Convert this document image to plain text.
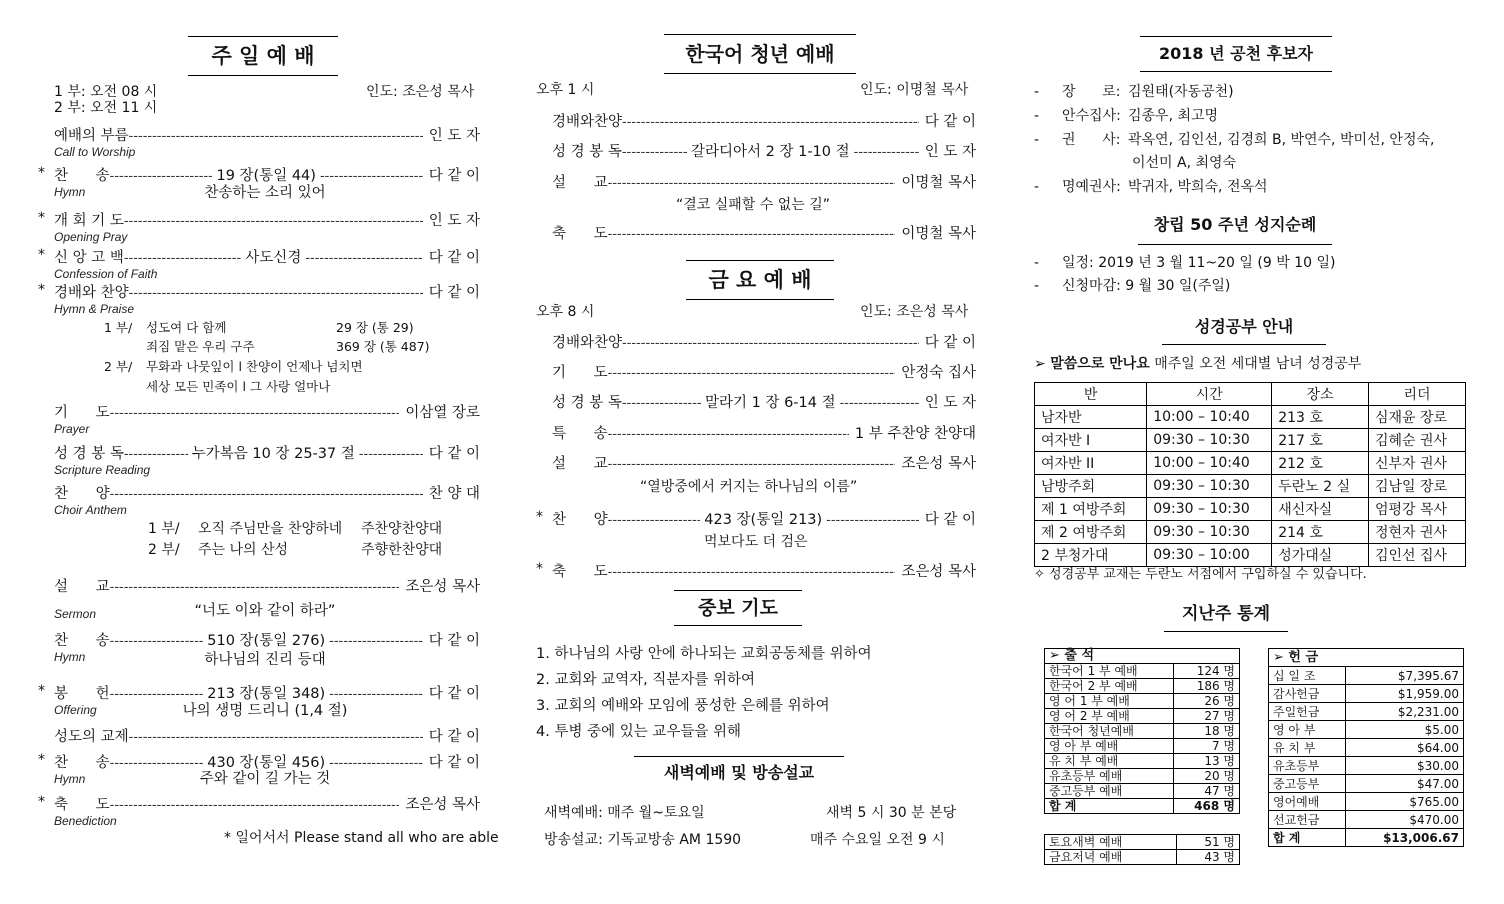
주 일 예 배
1 부: 오전 08 시
2 부: 오전 11 시
인도: 조은성 목사
예배의 부름 -----	인 도 자
Call to Worship
찬      송 -----	19 장(통일 44) -----	다 같 이
*
Hymn	찬송하는 소리 있어
개 회 기 도 -----	인 도 자
*
Opening Pray
신 앙 고 백 -----	사도신경 -----	다 같 이
*
Confession of Faith
경배와 찬양 -----	다 같 이
*
Hymn & Praise
기      도 -----	이삼열 장로
Prayer
성 경 봉 독 -----	누가복음 10 장 25-37 절 -----	다 같 이
Scripture Reading
찬      양 -----	찬 양 대
Choir Anthem
설      교 -----	조은성 목사
Sermon	“너도 이와 같이 하라”
찬      송 -----	510 장(통일 276) -----	다 같 이
Hymn	하나님의 진리 등대
봉      헌 -----	213 장(통일 348) -----	다 같 이
*
Offering	나의 생명 드리니 (1,4 절)
성도의 교제 -----	다 같 이
찬      송 -----	430 장(통일 456) -----	다 같 이
*
Hymn	주와 같이 길 가는 것
축      도 -----	조은성 목사
*
Benediction
1 부/ 성도여 다 함께	29 장 (통 29)
죄짐 맡은 우리 구주	369 장 (통 487)
2 부/ 무화과 나뭇잎이 l 찬양이 언제나 넘치면
세상 모든 민족이 l 그 사랑 얼마나
1 부/ 오직 주님만을 찬양하네 주찬양찬양대
2 부/ 주는 나의 산성	주향한찬양대
* 일어서서 Please stand all who are able
한국어 청년 예배
오후 1 시	인도: 이명철 목사
경배와찬양 -----	다 같 이
성 경 봉 독 -----	갈라디아서 2 장 1-10 절 -----	인 도 자
설      교 -----	이명철 목사
축      도 -----	이명철 목사
“결코 실패할 수 없는 길”
금 요 예 배
오후 8 시	인도: 조은성 목사
경배와찬양 -----	다 같 이
기      도 -----	안정숙 집사
성 경 봉 독 -----	말라기 1 장 6-14 절 -----	인 도 자
특      송 -----	1 부 주찬양 찬양대
설      교 -----	조은성 목사
찬      양 -----	423 장(통일 213) -----	다 같 이
축      도 -----	조은성 목사
*
*
“열방중에서 커지는 하나님의 이름”
먹보다도 더 검은
중보 기도
1. 하나님의 사랑 안에 하나되는 교회공동체를 위하여
2. 교회와 교역자, 직분자를 위하여
3. 교회의 예배와 모임에 풍성한 은혜를 위하여
4. 투병 중에 있는 교우들을 위해
새벽예배 및 방송설교
새벽예배: 매주 월~토요일	새벽 5 시 30 분 본당
방송설교: 기독교방송 AM 1590	매주 수요일 오전 9 시
2018 년 공천 후보자
- 장      로: 김원태(자동공천)
- 안수집사: 김종우, 최고명
- 권      사: 곽옥연, 김인선, 김경희 B, 박연수, 박미선, 안정숙,
- 명예권사: 박귀자, 박희숙, 전옥석
이선미 A, 최영숙
창립 50 주년 성지순례
- 일정: 2019 년 3 월 11~20 일 (9 박 10 일)
- 신청마감: 9 월 30 일(주일)
성경공부 안내
➢ 말씀으로 만나요 매주일 오전 세대별 남녀 성경공부
반	시간	장소	리더
남자반	10:00 – 10:40	213 호	심재윤 장로
여자반 I	09:30 – 10:30	217 호	김혜순 권사
여자반 II	10:00 – 10:40	212 호	신부자 권사
남방주회	09:30 – 10:30	두란노 2 실	김남일 장로
제 1 여방주회	09:30 – 10:30	새신자실	엄평강 목사
제 2 여방주회	09:30 – 10:30	214 호	정현자 권사
2 부청가대	09:30 – 10:00	성가대실	김인선 집사
✧ 성경공부 교재는 두란노 서점에서 구입하실 수 있습니다.
지난주 통계
➢ 출 석	
한국어 1 부 예배	124 명
한국어 2 부 예배	186 명
영 어 1 부 예배	26 명
영 어 2 부 예배	27 명
한국어 청년예배	18 명
영 아 부 예배	7 명
유 치 부 예배	13 명
유초등부 예배	20 명
중고등부 예배	47 명
합 계	468 명
토요새벽 예배	51 명
금요저녁 예배	43 명
➢ 헌 금	
십 일 조	$7,395.67
감사헌금	$1,959.00
주일헌금	$2,231.00
영 아 부	$5.00
유 치 부	$64.00
유초등부	$30.00
중고등부	$47.00
영어예배	$765.00
선교헌금	$470.00
합 계	$13,006.67
